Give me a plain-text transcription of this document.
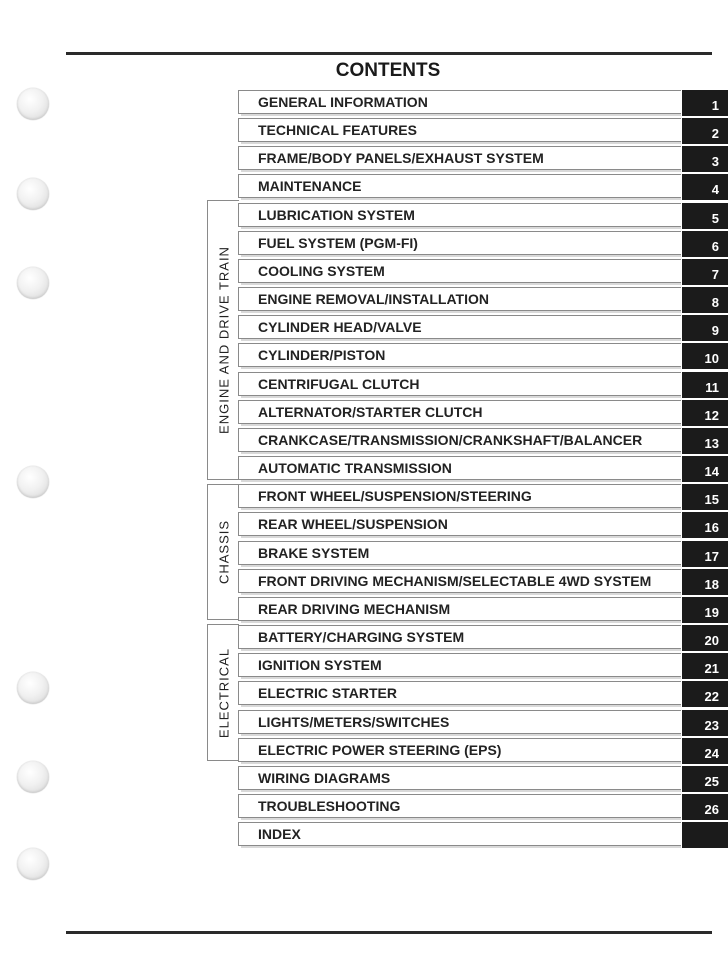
CONTENTS
ENGINE AND DRIVE TRAIN
CHASSIS
ELECTRICAL
GENERAL INFORMATION	1
TECHNICAL FEATURES	2
FRAME/BODY PANELS/EXHAUST SYSTEM	3
MAINTENANCE	4
LUBRICATION SYSTEM	5
FUEL SYSTEM (PGM-FI)	6
COOLING SYSTEM	7
ENGINE REMOVAL/INSTALLATION	8
CYLINDER HEAD/VALVE	9
CYLINDER/PISTON	10
CENTRIFUGAL CLUTCH	11
ALTERNATOR/STARTER CLUTCH	12
CRANKCASE/TRANSMISSION/CRANKSHAFT/BALANCER	13
AUTOMATIC TRANSMISSION	14
FRONT WHEEL/SUSPENSION/STEERING	15
REAR WHEEL/SUSPENSION	16
BRAKE SYSTEM	17
FRONT DRIVING MECHANISM/SELECTABLE 4WD SYSTEM	18
REAR DRIVING MECHANISM	19
BATTERY/CHARGING SYSTEM	20
IGNITION SYSTEM	21
ELECTRIC STARTER	22
LIGHTS/METERS/SWITCHES	23
ELECTRIC POWER STEERING (EPS)	24
WIRING DIAGRAMS	25
TROUBLESHOOTING	26
INDEX
